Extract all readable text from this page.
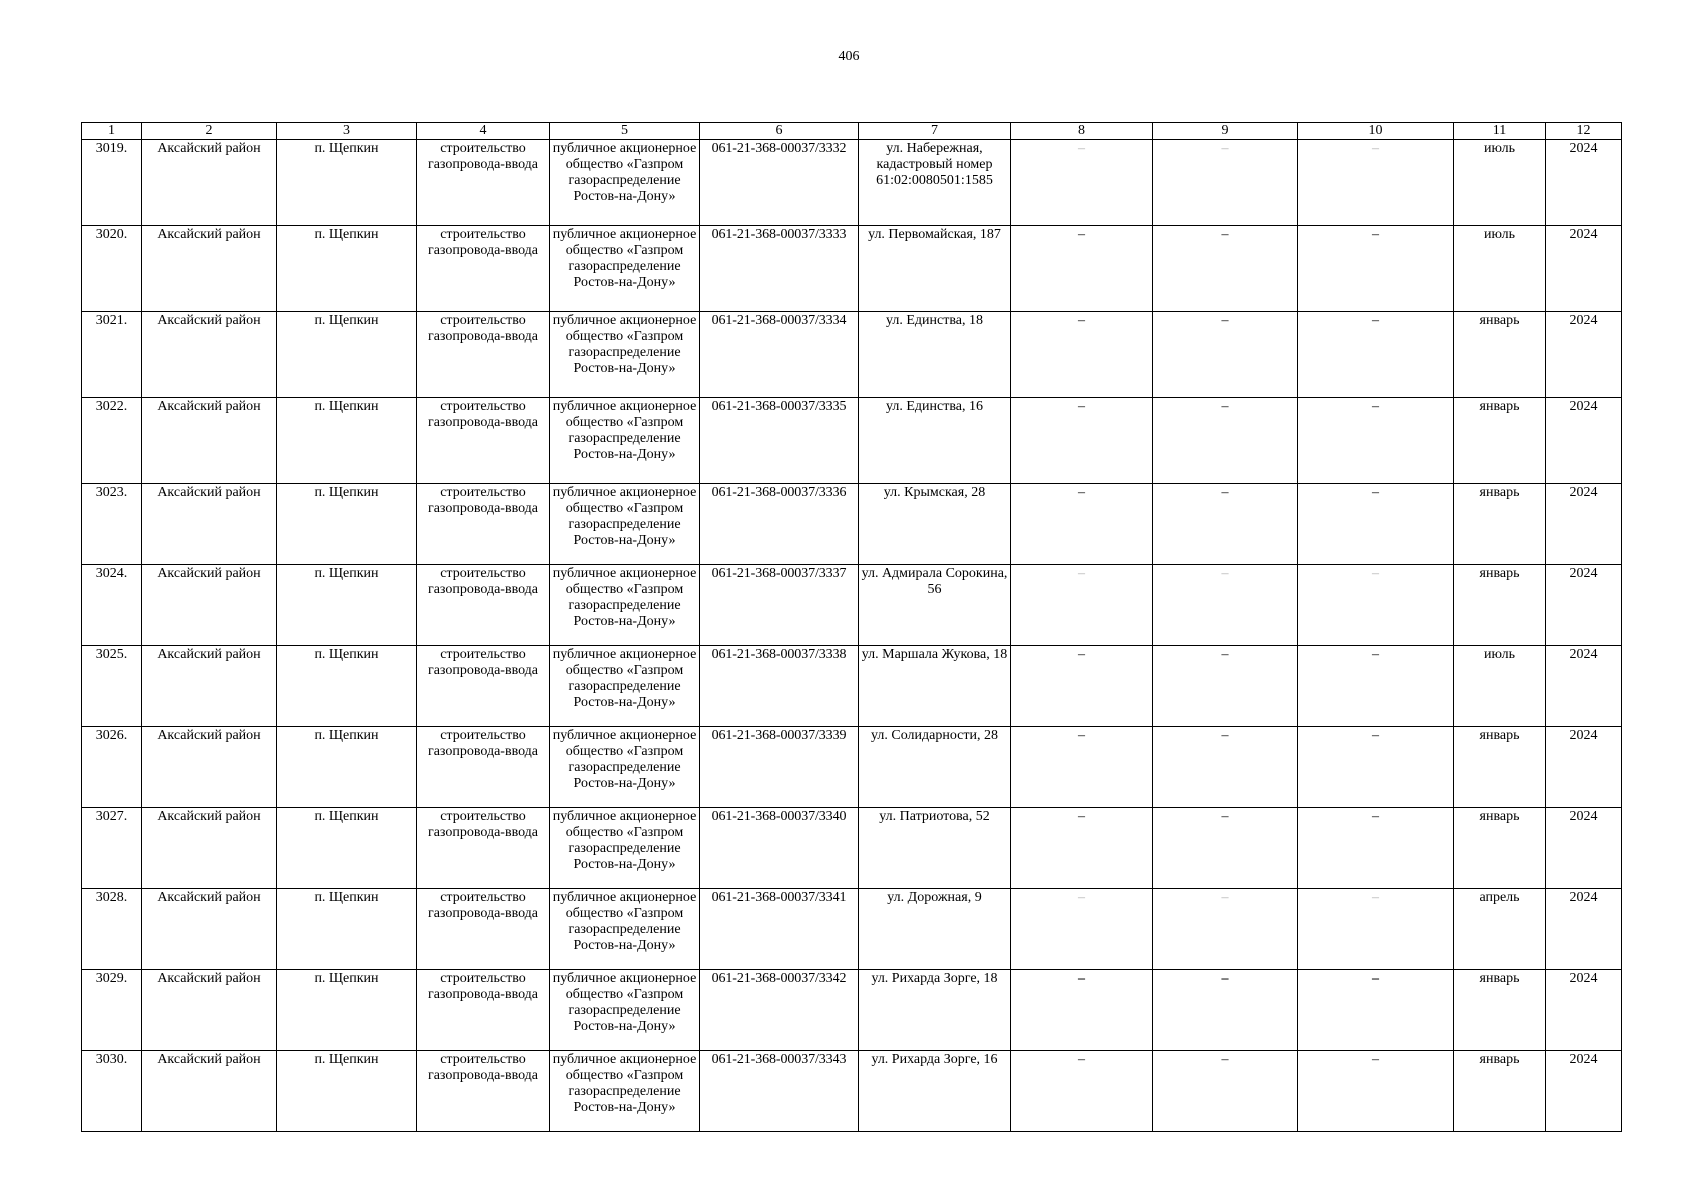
406
1	2	3	4	5	6	7	8	9	10	11	12
3019.	Аксайский район	п. Щепкин	строительство газопровода-ввода	публичное акционерное общество «Газпром газораспределение Ростов-на-Дону»	061-21-368-00037/3332	ул. Набережная, кадастровый номер 61:02:0080501:1585	–	–	–	июль	2024
3020.	Аксайский район	п. Щепкин	строительство газопровода-ввода	публичное акционерное общество «Газпром газораспределение Ростов-на-Дону»	061-21-368-00037/3333	ул. Первомайская, 187	–	–	–	июль	2024
3021.	Аксайский район	п. Щепкин	строительство газопровода-ввода	публичное акционерное общество «Газпром газораспределение Ростов-на-Дону»	061-21-368-00037/3334	ул. Единства, 18	–	–	–	январь	2024
3022.	Аксайский район	п. Щепкин	строительство газопровода-ввода	публичное акционерное общество «Газпром газораспределение Ростов-на-Дону»	061-21-368-00037/3335	ул. Единства, 16	–	–	–	январь	2024
3023.	Аксайский район	п. Щепкин	строительство газопровода-ввода	публичное акционерное общество «Газпром газораспределение Ростов-на-Дону»	061-21-368-00037/3336	ул. Крымская, 28	–	–	–	январь	2024
3024.	Аксайский район	п. Щепкин	строительство газопровода-ввода	публичное акционерное общество «Газпром газораспределение Ростов-на-Дону»	061-21-368-00037/3337	ул. Адмирала Сорокина, 56	–	–	–	январь	2024
3025.	Аксайский район	п. Щепкин	строительство газопровода-ввода	публичное акционерное общество «Газпром газораспределение Ростов-на-Дону»	061-21-368-00037/3338	ул. Маршала Жукова, 18	–	–	–	июль	2024
3026.	Аксайский район	п. Щепкин	строительство газопровода-ввода	публичное акционерное общество «Газпром газораспределение Ростов-на-Дону»	061-21-368-00037/3339	ул. Солидарности, 28	–	–	–	январь	2024
3027.	Аксайский район	п. Щепкин	строительство газопровода-ввода	публичное акционерное общество «Газпром газораспределение Ростов-на-Дону»	061-21-368-00037/3340	ул. Патриотова, 52	–	–	–	январь	2024
3028.	Аксайский район	п. Щепкин	строительство газопровода-ввода	публичное акционерное общество «Газпром газораспределение Ростов-на-Дону»	061-21-368-00037/3341	ул. Дорожная, 9	–	–	–	апрель	2024
3029.	Аксайский район	п. Щепкин	строительство газопровода-ввода	публичное акционерное общество «Газпром газораспределение Ростов-на-Дону»	061-21-368-00037/3342	ул. Рихарда Зорге, 18	–	–	–	январь	2024
3030.	Аксайский район	п. Щепкин	строительство газопровода-ввода	публичное акционерное общество «Газпром газораспределение Ростов-на-Дону»	061-21-368-00037/3343	ул. Рихарда Зорге, 16	–	–	–	январь	2024
